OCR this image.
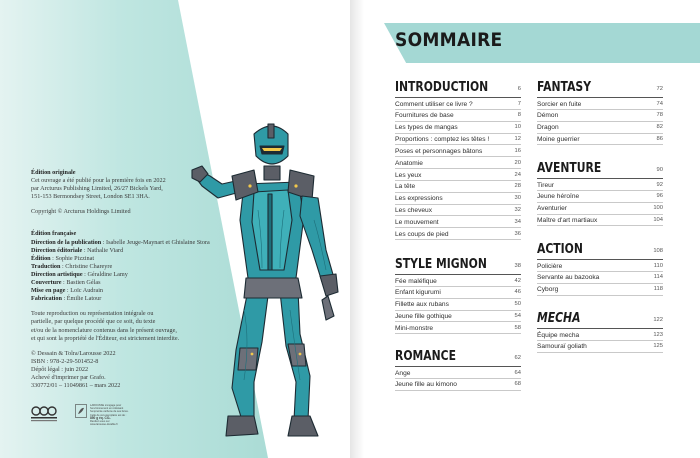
Édition originale

Cet ouvrage a été publié pour la première fois en 2022

par Arcturus Publishing Limited, 26/27 Bickels Yard,

151-153 Bermondsey Street, London SE1 3HA.

Copyright © Arcturus Holdings Limited

Édition française

Direction de la publication : Isabelle Jeuge-Maynart et Ghislaine Stora

Direction éditoriale : Nathalie Viard

Édition : Sophie Pizzinat

Traduction : Christine Chareyre

Direction artistique : Géraldine Lamy

Couverture : Bastien Gélas

Mise en page : Loïc Audrain

Fabrication : Émilie Latour

Toute reproduction ou représentation intégrale ou

partielle, par quelque procédé que ce soit, du texte

et/ou de la nomenclature contenus dans le présent ouvrage,

et qui sont la propriété de l'Éditeur, est strictement interdite.

© Dessain & Tolra/Larousse 2022

ISBN : 978-2-29-501452-8

Dépôt légal : juin 2022

Achevé d'imprimer par Grafo.

330772/01 – 11049861 – mars 2022

LAROUSSE s'engage pour
l'environnement en réduisant
l'empreinte carbone de ses livres.
Celle de cet exemplaire est de :
850 g éq. CO₂
Rendez-vous sur
www.larousse-durable.fr
SOMMAIRE
INTRODUCTION	6
Comment utiliser ce livre ?	7
Fournitures de base	8
Les types de mangas	10
Proportions : comptez les têtes !	12
Poses et personnages bâtons	16
Anatomie	20
Les yeux	24
La tête	28
Les expressions	30
Les cheveux	32
Le mouvement	34
Les coups de pied	36
STYLE MIGNON	38
Fée maléfique	42
Enfant kigurumi	46
Fillette aux rubans	50
Jeune fille gothique	54
Mini-monstre	58
ROMANCE	62
Ange	64
Jeune fille au kimono	68
FANTASY	72
Sorcier en fuite	74
Démon	78
Dragon	82
Moine guerrier	86
AVENTURE	90
Tireur	92
Jeune héroïne	96
Aventurier	100
Maître d'art martiaux	104
ACTION	108
Policière	110
Servante au bazooka	114
Cyborg	118
MECHA	122
Équipe mecha	123
Samouraï goliath	125
